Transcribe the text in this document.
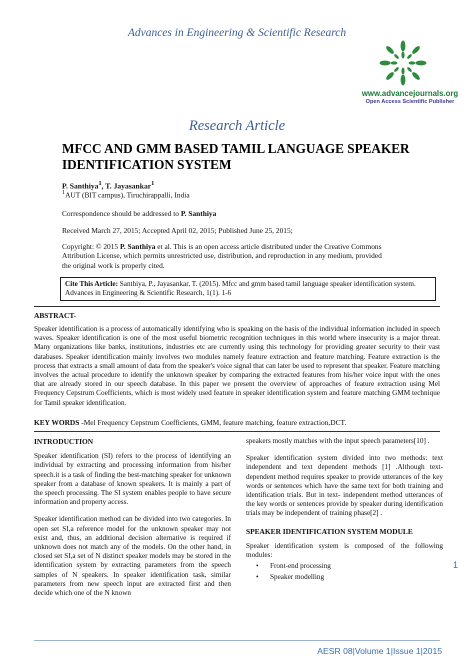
Advances in Engineering & Scientific Research
www.advancejournals.org
Open Access Scientific Publisher
Research Article
MFCC AND GMM BASED TAMIL LANGUAGE SPEAKER IDENTIFICATION SYSTEM
P. Santhiya$^1$, T. Jayasankar$^1$
$^1$AUT (BIT campus), Tiruchirappalli, India
Correspondence should be addressed to P. Santhiya
Received March 27, 2015; Accepted April 02, 2015; Published June 25, 2015;
Copyright: © 2015 P. Santhiya et al. This is an open access article distributed under the Creative Commons Attribution License, which permits unrestricted use, distribution, and reproduction in any medium, provided the original work is properly cited.
Cite This Article: Santhiya, P., Jayasankar, T. (2015). Mfcc and gmm based tamil language speaker identification system. Advances in Engineering & Scientific Research, 1(1). 1-6
ABSTRACT-
Speaker identification is a process of automatically identifying who is speaking on the basis of the individual information included in speech waves. Speaker identification is one of the most useful biometric recognition techniques in this world where insecurity is a major threat. Many organizations like banks, institutions, industries etc are currently using this technology for providing greater security to their vast databases. Speaker identification mainly involves two modules namely feature extraction and feature matching. Feature extraction is the process that extracts a small amount of data from the speaker's voice signal that can later be used to represent that speaker. Feature matching involves the actual procedure to identify the unknown speaker by comparing the extracted features from his/her voice input with the ones that are already stored in our speech database. In this paper we present the overview of approaches of feature extraction using Mel Frequency Cepstrum Coefficients, which is most widely used feature in speaker identification system and feature matching GMM technique for Tamil speaker identification.
KEY WORDS -Mel Frequency Cepstrum Coefficients, GMM, feature matching, feature extraction,DCT.
INTRODUCTION

Speaker identification (SI) refers to the process of identifying an individual by extracting and processing information from his/her speech.it is a task of finding the best-matching speaker for unknown speaker from a database of known speakers. It is mainly a part of the speech processing. The SI system enables people to have secure information and property access.

Speaker identification method can be divided into two categories. In open set SI,a reference model for the unknown speaker may not exist and, thus, an additional decision alternative is required if unknown does not match any of the models. On the other hand, in closed set SI,a set of N distinct speaker models may be stored in the identification system by extracting parameters from the speech samples of N speakers. In speaker identification task, similar parameters from new speech input are extracted first and then decide which one of the N known

speakers mostly matches with the input speech parameters[10] .

Speaker identification system divided into two methods: text independent and text dependent methods [1] .Although text- dependent method requires speaker to provide utterances of the key words or sentences which have the same text for both training and identification trials. But in text- independent method utterances of the key words or sentences provide by speaker during identification trials may be independent of training phase[2] .

SPEAKER IDENTIFICATION SYSTEM MODULE

Speaker identification system is composed of the following modules:

• Front-end processing
• Speaker modelling
1
AESR 08|Volume 1|Issue 1|2015
